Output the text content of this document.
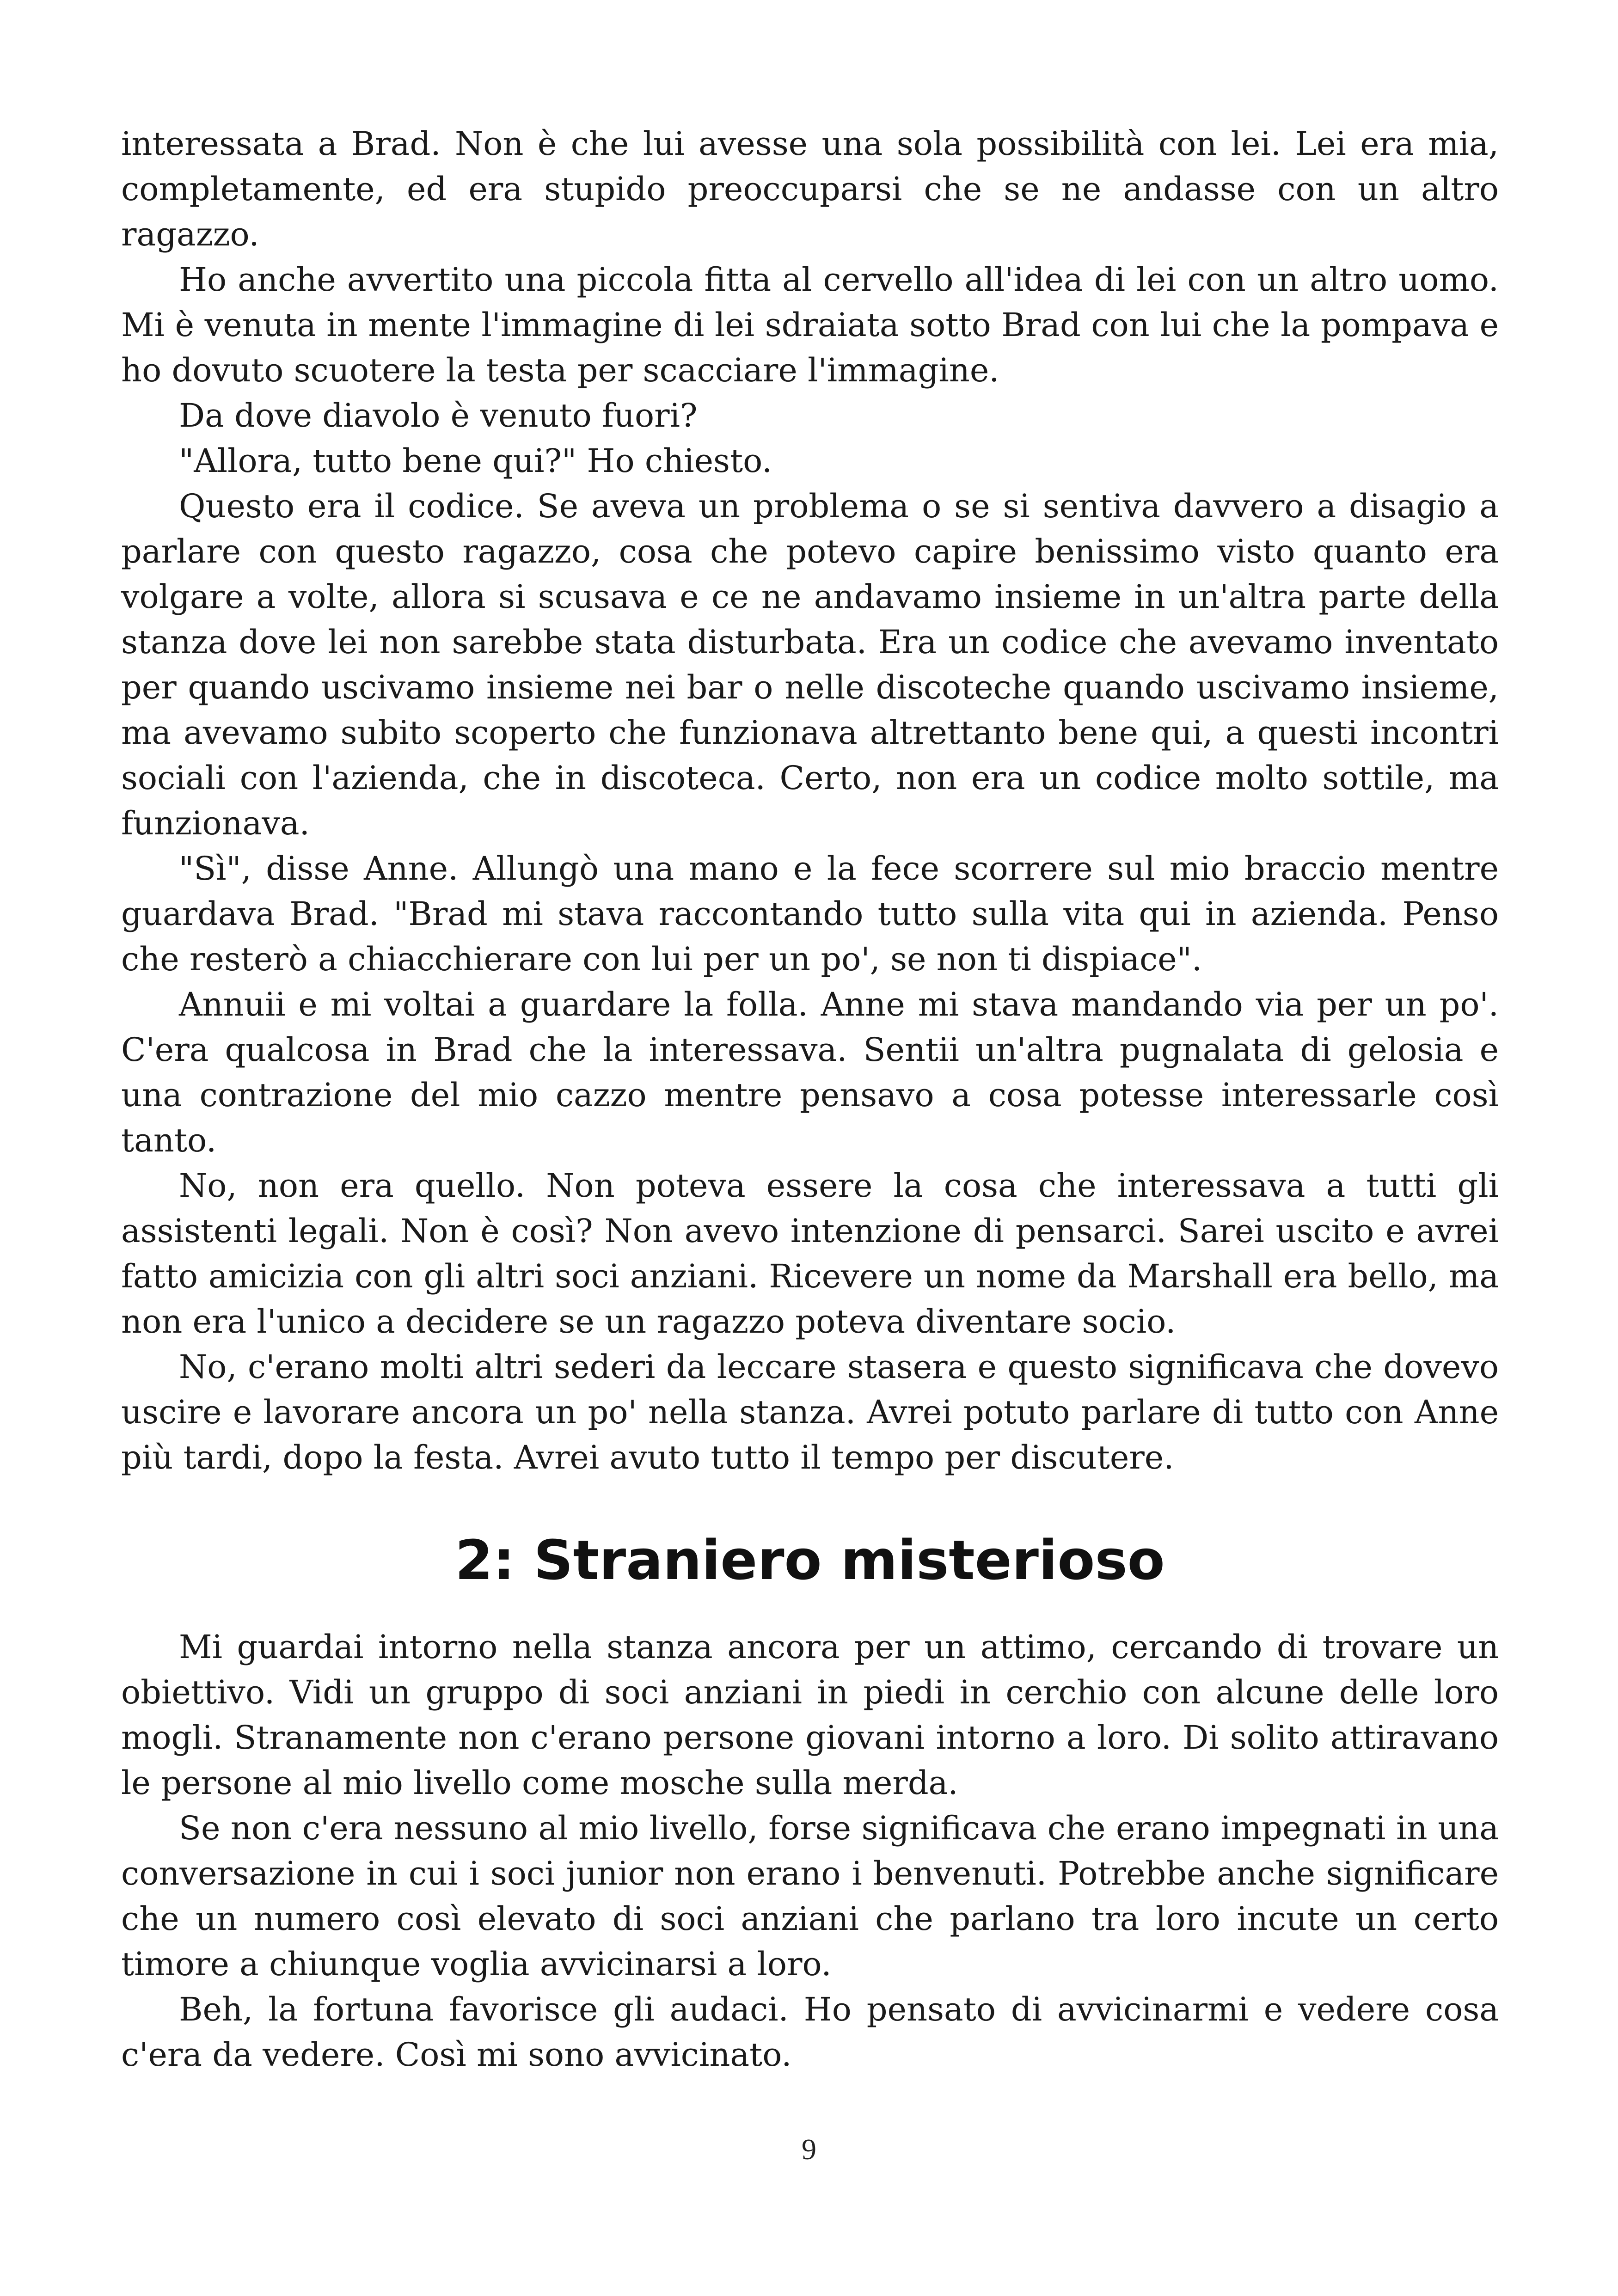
interessata a Brad. Non è che lui avesse una sola possibilità con lei. Lei era mia, completamente, ed era stupido preoccuparsi che se ne andasse con un altro ragazzo.

Ho anche avvertito una piccola fitta al cervello all'idea di lei con un altro uomo. Mi è venuta in mente l'immagine di lei sdraiata sotto Brad con lui che la pompava e ho dovuto scuotere la testa per scacciare l'immagine.

Da dove diavolo è venuto fuori?

"Allora, tutto bene qui?" Ho chiesto.

Questo era il codice. Se aveva un problema o se si sentiva davvero a disagio a parlare con questo ragazzo, cosa che potevo capire benissimo visto quanto era volgare a volte, allora si scusava e ce ne andavamo insieme in un'altra parte della stanza dove lei non sarebbe stata disturbata. Era un codice che avevamo inventato per quando uscivamo insieme nei bar o nelle discoteche quando uscivamo insieme, ma avevamo subito scoperto che funzionava altrettanto bene qui, a questi incontri sociali con l'azienda, che in discoteca. Certo, non era un codice molto sottile, ma funzionava.

"Sì", disse Anne. Allungò una mano e la fece scorrere sul mio braccio mentre guardava Brad. "Brad mi stava raccontando tutto sulla vita qui in azienda. Penso che resterò a chiacchierare con lui per un po', se non ti dispiace".

Annuii e mi voltai a guardare la folla. Anne mi stava mandando via per un po'. C'era qualcosa in Brad che la interessava. Sentii un'altra pugnalata di gelosia e una contrazione del mio cazzo mentre pensavo a cosa potesse interessarle così tanto.

No, non era quello. Non poteva essere la cosa che interessava a tutti gli assistenti legali. Non è così? Non avevo intenzione di pensarci. Sarei uscito e avrei fatto amicizia con gli altri soci anziani. Ricevere un nome da Marshall era bello, ma non era l'unico a decidere se un ragazzo poteva diventare socio.

No, c'erano molti altri sederi da leccare stasera e questo significava che dovevo uscire e lavorare ancora un po' nella stanza. Avrei potuto parlare di tutto con Anne più tardi, dopo la festa. Avrei avuto tutto il tempo per discutere.

2: Straniero misterioso

Mi guardai intorno nella stanza ancora per un attimo, cercando di trovare un obiettivo. Vidi un gruppo di soci anziani in piedi in cerchio con alcune delle loro mogli. Stranamente non c'erano persone giovani intorno a loro. Di solito attiravano le persone al mio livello come mosche sulla merda.

Se non c'era nessuno al mio livello, forse significava che erano impegnati in una conversazione in cui i soci junior non erano i benvenuti. Potrebbe anche significare che un numero così elevato di soci anziani che parlano tra loro incute un certo timore a chiunque voglia avvicinarsi a loro.

Beh, la fortuna favorisce gli audaci. Ho pensato di avvicinarmi e vedere cosa c'era da vedere. Così mi sono avvicinato.

9
